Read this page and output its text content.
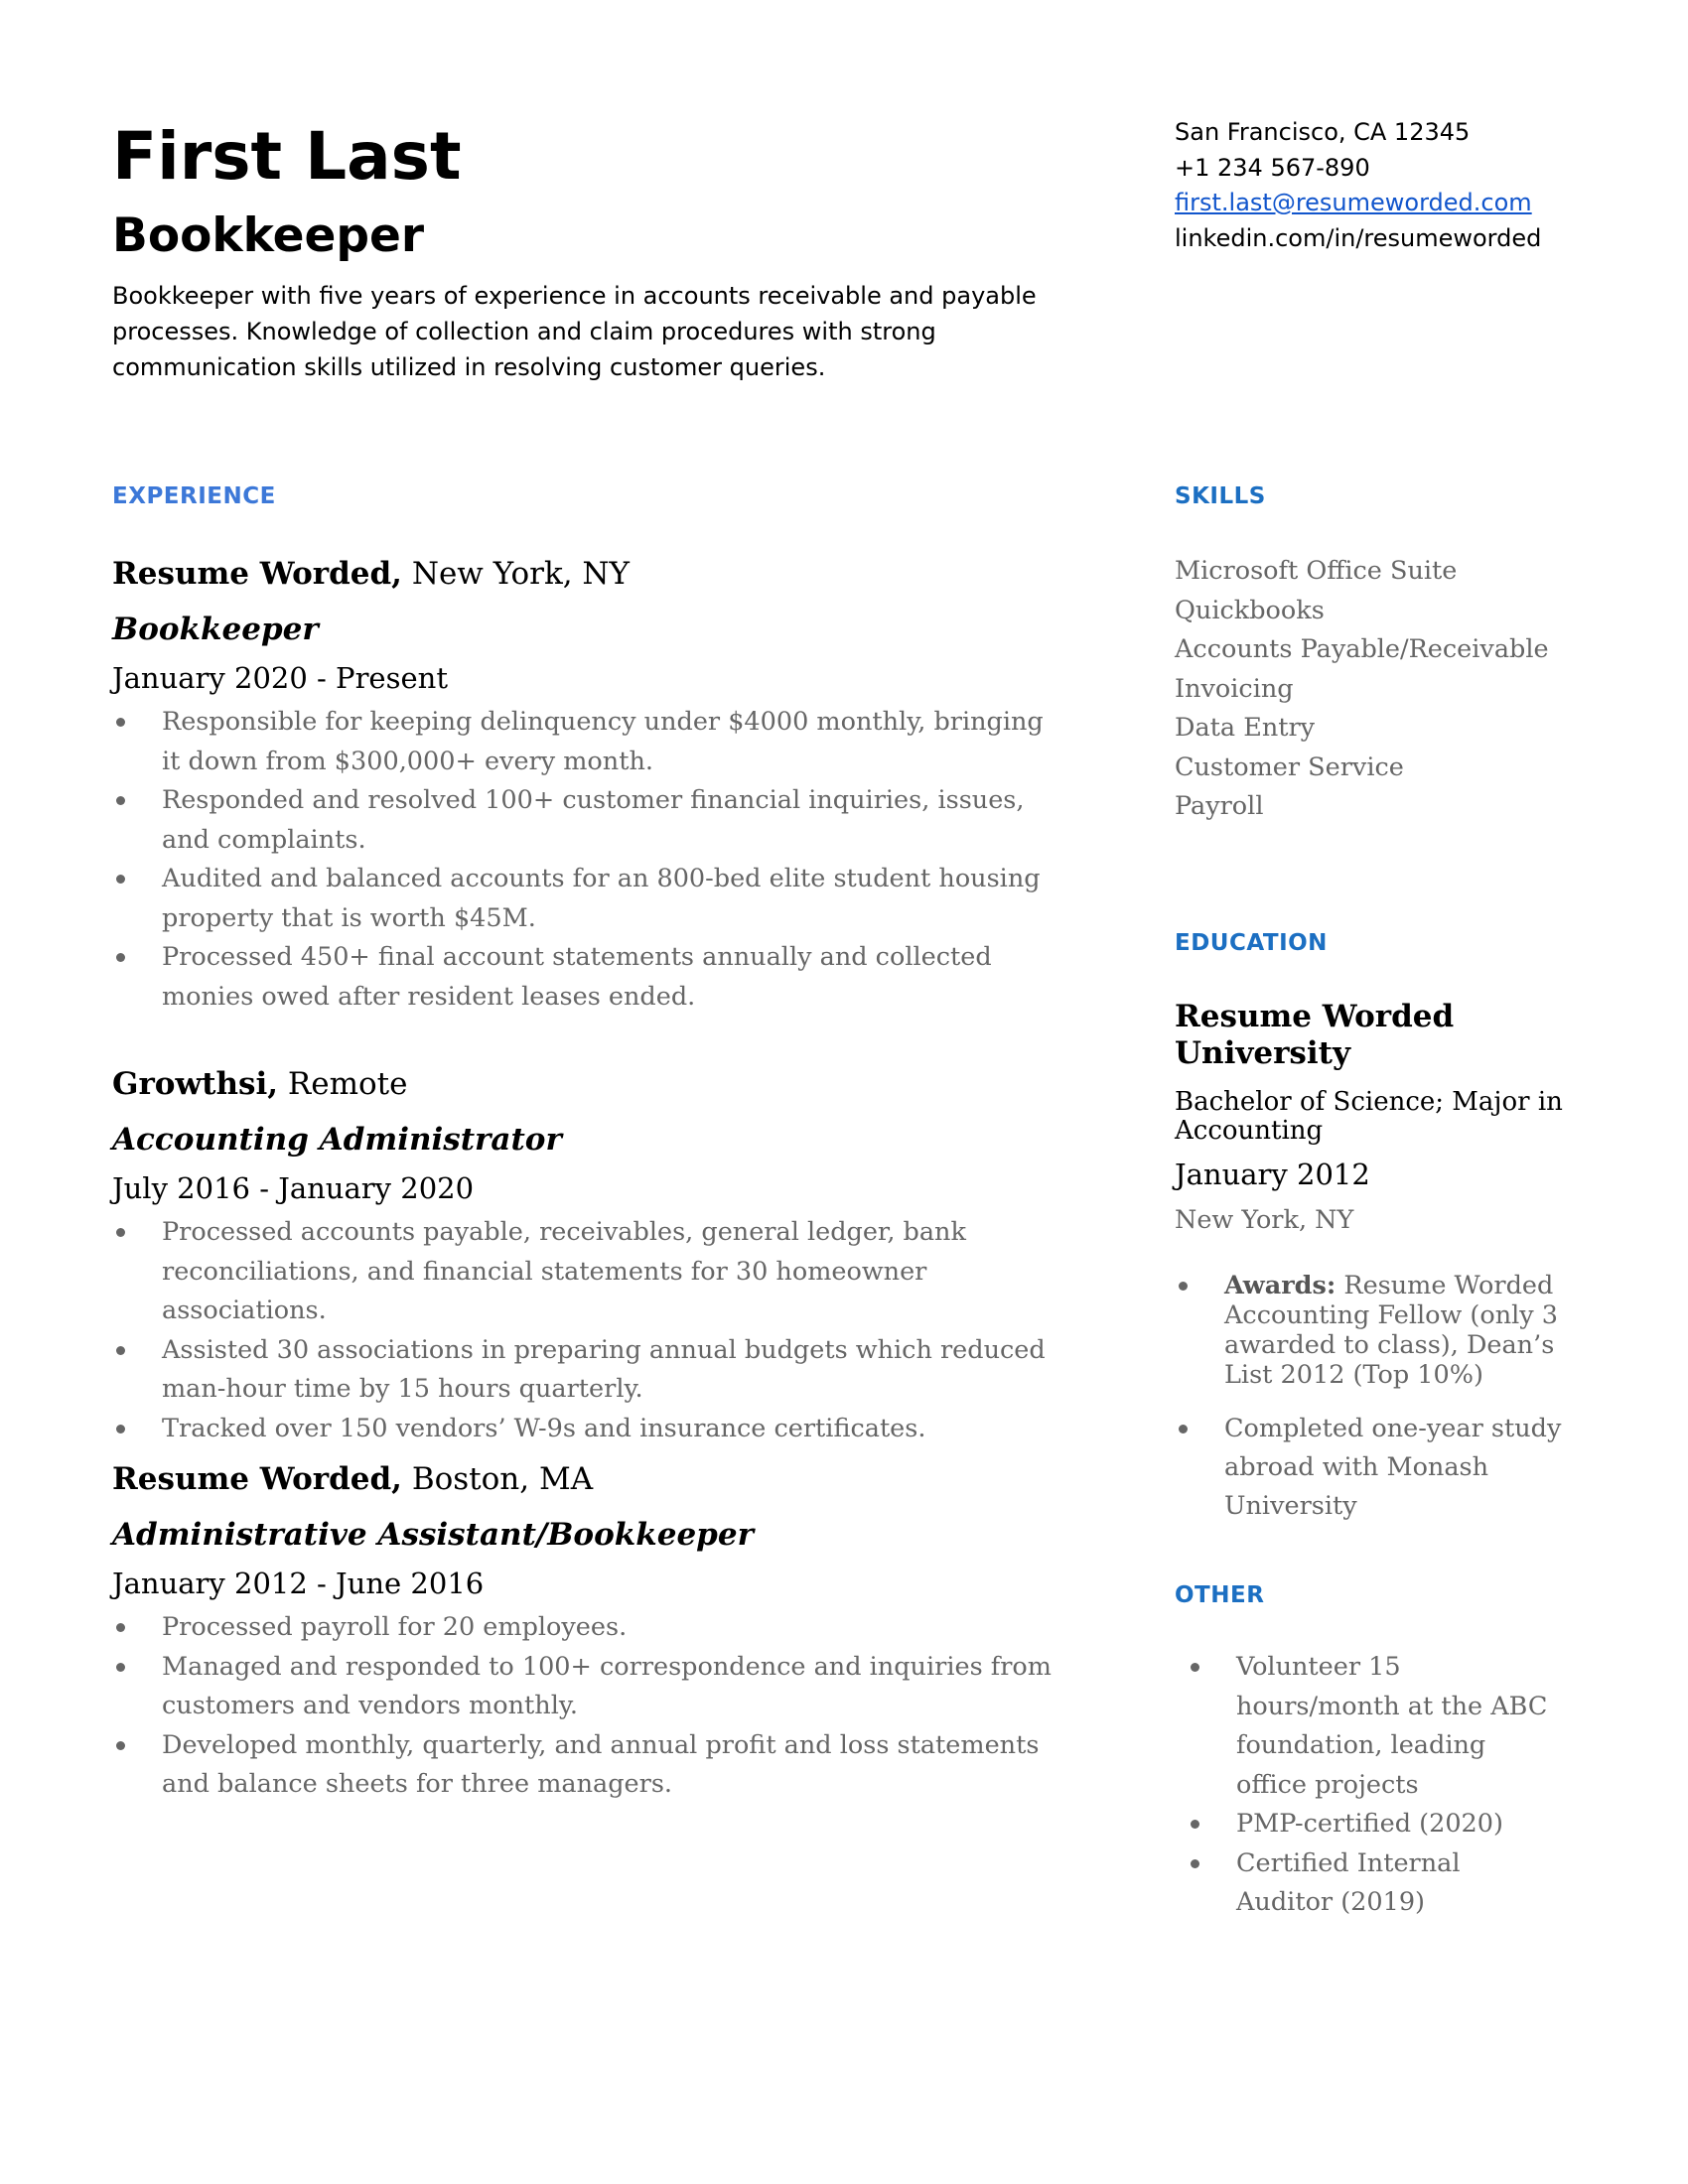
First Last
Bookkeeper

Bookkeeper with five years of experience in accounts receivable and payable processes. Knowledge of collection and claim procedures with strong communication skills utilized in resolving customer queries.

San Francisco, CA 12345
+1 234 567-890
first.last@resumeworded.com
linkedin.com/in/resumeworded
EXPERIENCE

Resume Worded, New York, NY

Bookkeeper

January 2020 - Present

Responsible for keeping delinquency under $4000 monthly, bringing it down from $300,000+ every month.
Responded and resolved 100+ customer financial inquiries, issues, and complaints.
Audited and balanced accounts for an 800-bed elite student housing property that is worth $45M.
Processed 450+ final account statements annually and collected monies owed after resident leases ended.

Growthsi, Remote

Accounting Administrator

July 2016 - January 2020

Processed accounts payable, receivables, general ledger, bank reconciliations, and financial statements for 30 homeowner associations.
Assisted 30 associations in preparing annual budgets which reduced man-hour time by 15 hours quarterly.
Tracked over 150 vendors’ W-9s and insurance certificates.

Resume Worded, Boston, MA

Administrative Assistant/Bookkeeper

January 2012 - June 2016

Processed payroll for 20 employees.
Managed and responded to 100+ correspondence and inquiries from customers and vendors monthly.
Developed monthly, quarterly, and annual profit and loss statements and balance sheets for three managers.
SKILLS
Microsoft Office Suite
Quickbooks
Accounts Payable/Receivable
Invoicing
Data Entry
Customer Service
Payroll
EDUCATION

Resume Worded University

Bachelor of Science; Major in Accounting

January 2012

New York, NY

Awards: Resume Worded Accounting Fellow (only 3 awarded to class), Dean’s List 2012 (Top 10%)
Completed one-year study abroad with Monash University
OTHER
Volunteer 15 hours/month at the ABC foundation, leading office projects
PMP-certified (2020)
Certified Internal Auditor (2019)
